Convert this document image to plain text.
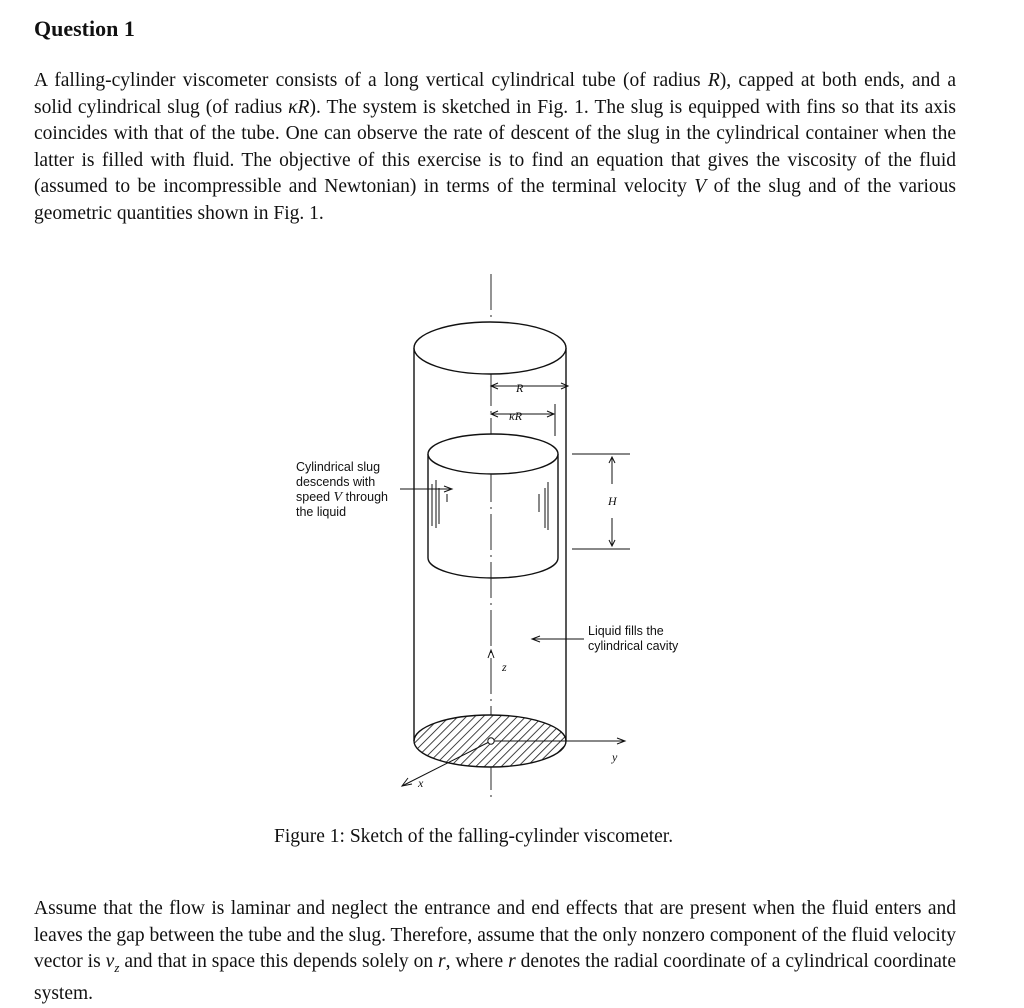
Question 1

A falling-cylinder viscometer consists of a long vertical cylindrical tube (of radius R), capped at both ends, and a solid cylindrical slug (of radius κR). The system is sketched in Fig. 1. The slug is equipped with fins so that its axis coincides with that of the tube. One can observe the rate of descent of the slug in the cylindrical container when the latter is filled with fluid. The objective of this exercise is to find an equation that gives the viscosity of the fluid (assumed to be incompressible and Newtonian) in terms of the terminal velocity V of the slug and of the various geometric quantities shown in Fig. 1.

Cylindrical slug
descends with
speed V through
the liquid
Liquid fills the
cylindrical cavity
R
κR
H
z
x
y

Figure 1: Sketch of the falling-cylinder viscometer.

Assume that the flow is laminar and neglect the entrance and end effects that are present when the fluid enters and leaves the gap between the tube and the slug. Therefore, assume that the only nonzero component of the fluid velocity vector is $v_z$ and that in space this depends solely on r, where r denotes the radial coordinate of a cylindrical coordinate system.
